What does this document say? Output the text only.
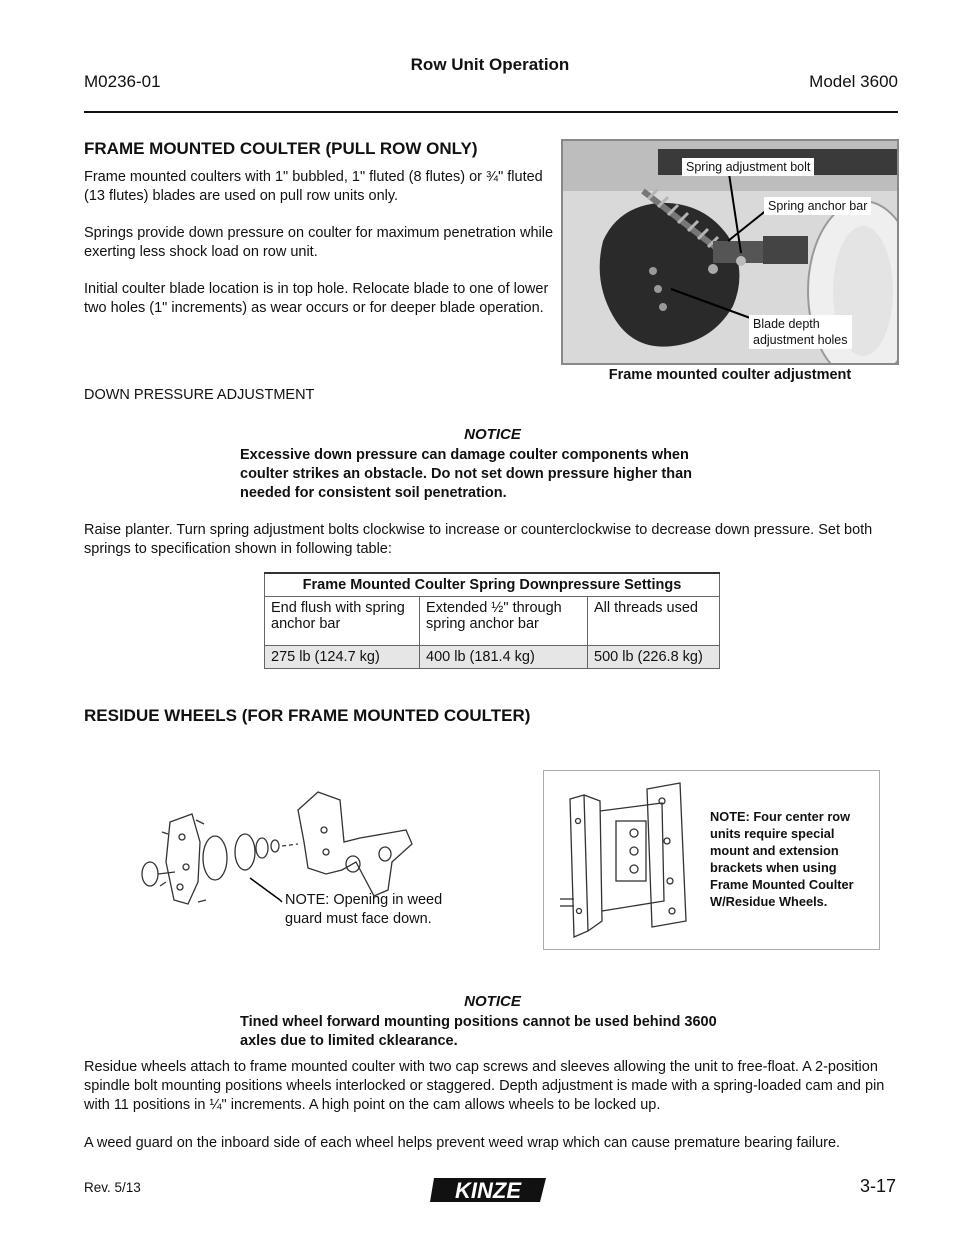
M0236-01
Row Unit Operation
Model 3600
FRAME MOUNTED COULTER (PULL ROW ONLY)
Frame mounted coulters with 1" bubbled, 1" fluted (8 flutes) or ¾" fluted (13 flutes) blades are used on pull row units only.
Springs provide down pressure on coulter for maximum penetration while exerting less shock load on row unit.
Initial coulter blade location is in top hole. Relocate blade to one of lower two holes (1" increments) as wear occurs or for deeper blade operation.
Spring adjustment bolt
Spring anchor bar
Blade depth
adjustment holes
Frame mounted coulter adjustment
DOWN PRESSURE ADJUSTMENT
NOTICE
Excessive down pressure can damage coulter components when coulter strikes an obstacle. Do not set down pressure higher than needed for consistent soil penetration.
Raise planter. Turn spring adjustment bolts clockwise to increase or counterclockwise to decrease down pressure. Set both springs to specification shown in following table:
Frame Mounted Coulter Spring Downpressure Settings		
End flush with spring anchor bar	Extended ½" through spring anchor bar	All threads used
275 lb (124.7 kg)	400 lb (181.4 kg)	500 lb (226.8 kg)
RESIDUE WHEELS (FOR FRAME MOUNTED COULTER)
NOTE: Opening in weed
guard must face down.
NOTE: Four center row units require special mount and extension brackets when using Frame Mounted Coulter W/Residue Wheels.
NOTICE
Tined wheel forward mounting positions cannot be used behind 3600 axles due to limited cklearance.
Residue wheels attach to frame mounted coulter with two cap screws and sleeves allowing the unit to free-float. A 2-position spindle bolt mounting positions wheels interlocked or staggered. Depth adjustment is made with a spring-loaded cam and pin with 11 positions in ¼" increments. A high point on the cam allows wheels to be locked up.
A weed guard on the inboard side of each wheel helps prevent weed wrap which can cause premature bearing failure.
Rev. 5/13	KINZE	3-17
